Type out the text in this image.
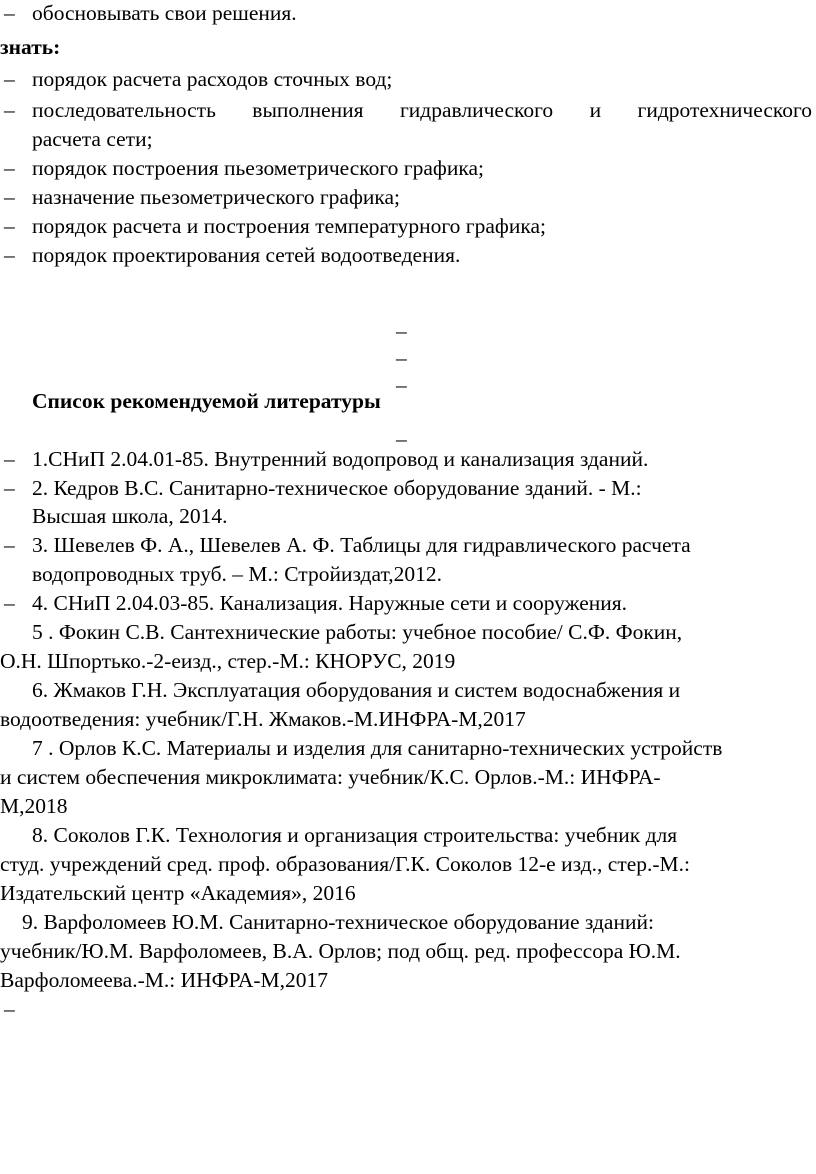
– обосновывать свои решения.
знать:
– порядок расчета расходов сточных вод;
– последовательность выполнения гидравлического и гидротехнического
расчета сети;
– порядок построения пьезометрического графика;
– назначение пьезометрического графика;
– порядок расчета и построения температурного графика;
– порядок проектирования сетей водоотведения.
–
–
–
Список рекомендуемой литературы
–
– 1.СНиП 2.04.01-85. Внутренний водопровод и канализация зданий.
– 2. Кедров В.С. Санитарно-техническое оборудование зданий. - М.:
Высшая школа, 2014.
– 3. Шевелев Ф. А., Шевелев А. Ф. Таблицы для гидравлического расчета
водопроводных труб. – М.: Стройиздат,2012.
– 4. СНиП 2.04.03-85. Канализация. Наружные сети и сооружения.
5 . Фокин С.В. Сантехнические работы: учебное пособие/ С.Ф. Фокин,
О.Н. Шпортько.-2-еизд., стер.-М.: КНОРУС, 2019
6. Жмаков Г.Н. Эксплуатация оборудования и систем водоснабжения и
водоотведения: учебник/Г.Н. Жмаков.-М.ИНФРА-М,2017
7 . Орлов К.С. Материалы и изделия для санитарно-технических устройств
и систем обеспечения микроклимата: учебник/К.С. Орлов.-М.: ИНФРА-
М,2018
8. Соколов Г.К. Технология и организация строительства: учебник для
студ. учреждений сред. проф. образования/Г.К. Соколов 12-е изд., стер.-М.:
Издательский центр «Академия», 2016
9. Варфоломеев Ю.М. Санитарно-техническое оборудование зданий:
учебник/Ю.М. Варфоломеев, В.А. Орлов; под общ. ред. профессора Ю.М.
Варфоломеева.-М.: ИНФРА-М,2017
–
